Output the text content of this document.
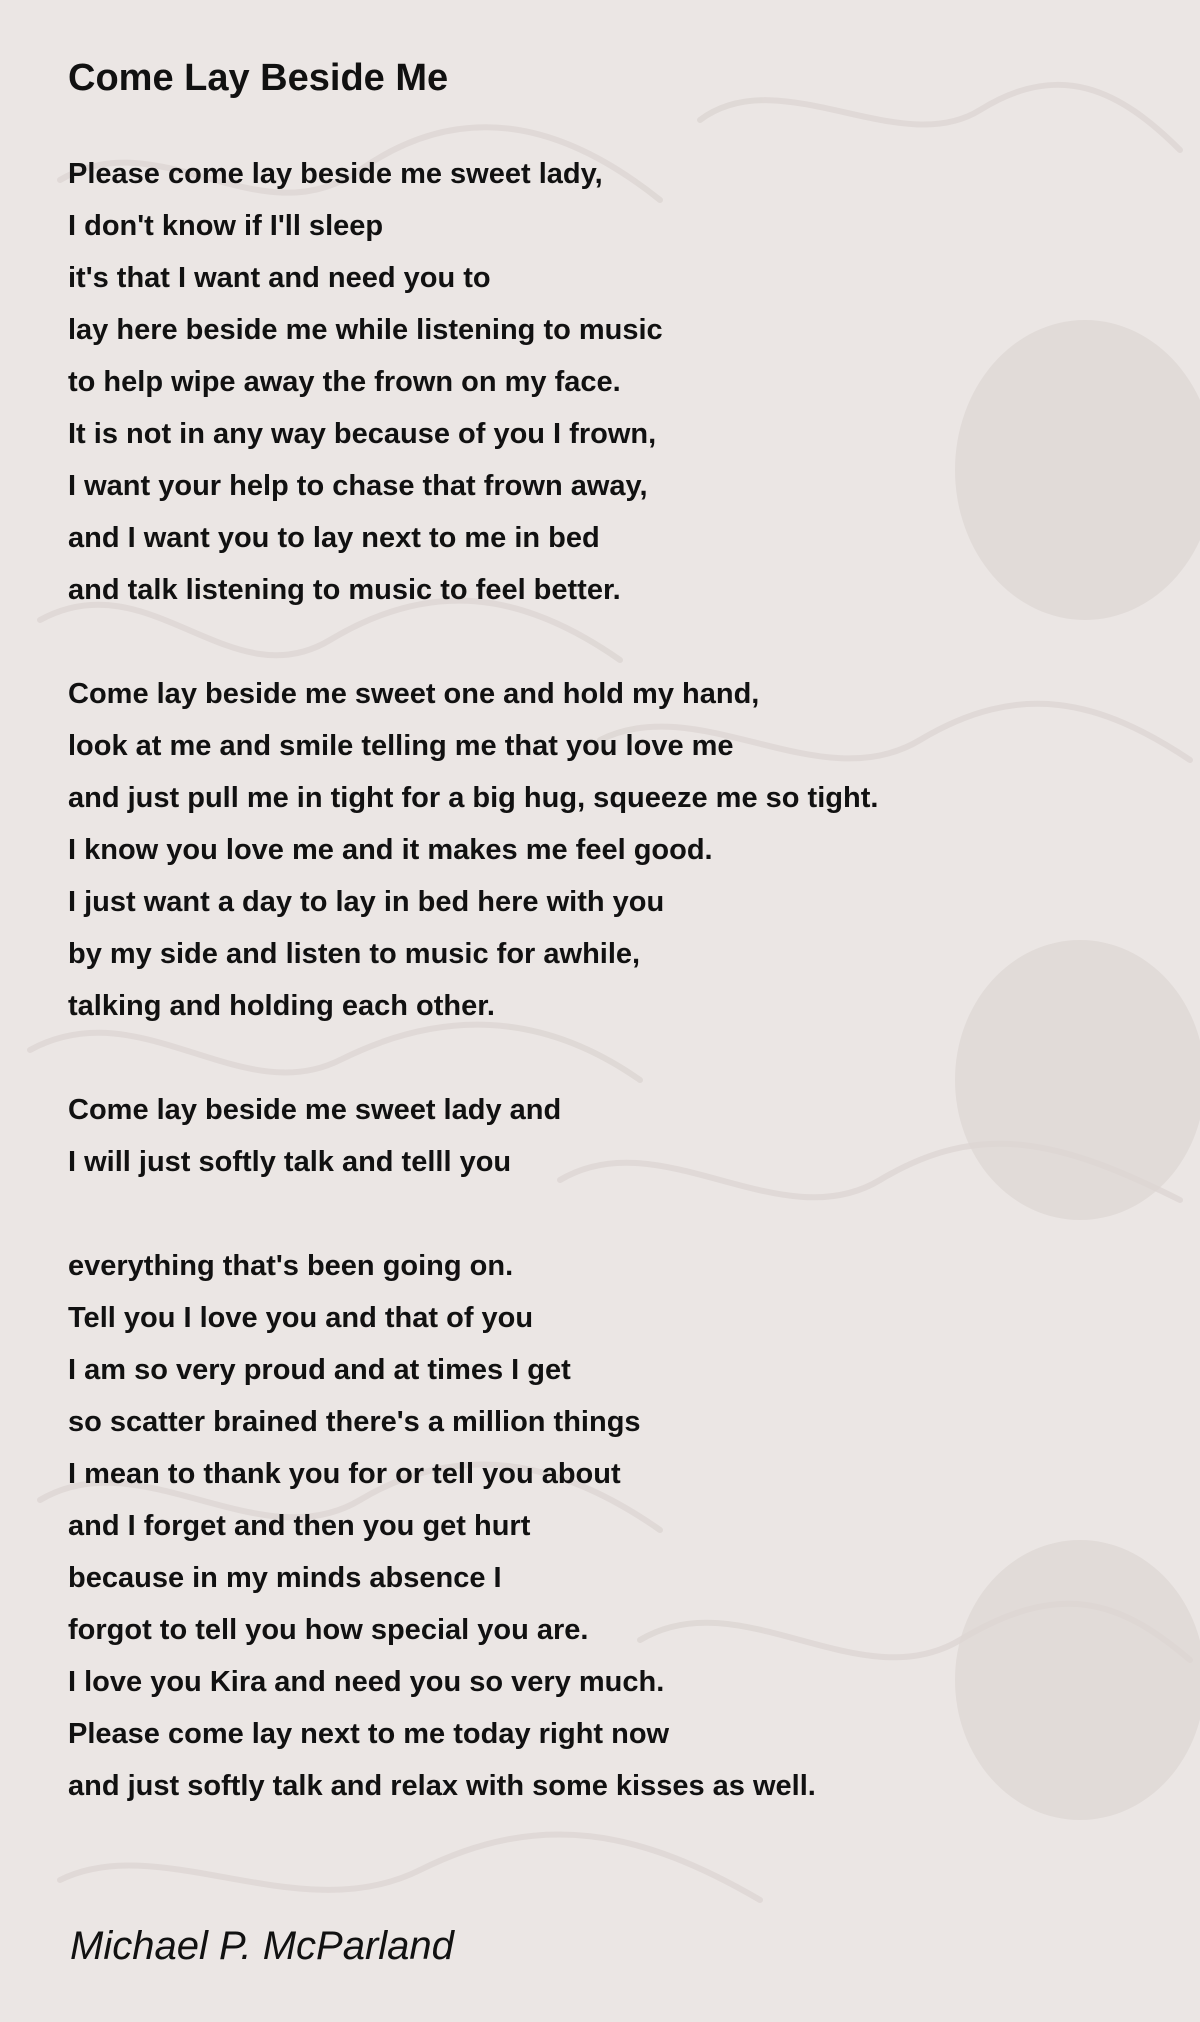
Come Lay Beside Me
Please come lay beside me sweet lady,
I don't know if I'll sleep
it's that I want and need you to
lay here beside me while listening to music
to help wipe away the frown on my face.
It is not in any way because of you I frown,
I want your help to chase that frown away,
and I want you to lay next to me in bed
and talk listening to music to feel better.
Come lay beside me sweet one and hold my hand,
look at me and smile telling me that you love me
and just pull me in tight for a big hug, squeeze me so tight.
I know you love me and it makes me feel good.
I just want a day to lay in bed here with you
by my side and listen to music for awhile,
talking and holding each other.
Come lay beside me sweet lady and
I will just softly talk and telll you
everything that's been going on.
Tell you I love you and that of you
I am so very proud and at times I get
so scatter brained there's a million things
I mean to thank you for or tell you about
and I forget and then you get hurt
because in my minds absence I
forgot to tell you how special you are.
I love you Kira and need you so very much.
Please come lay next to me today right now
and just softly talk and relax with some kisses as well.
Michael P. McParland
